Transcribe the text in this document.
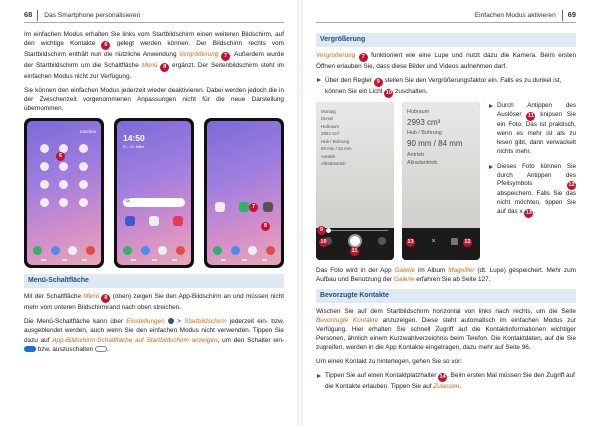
68	Das Smartphone personalisieren

Im einfachen Modus erhalten Sie links vom Startbildschirm einen weiteren Bildschirm, auf den wichtige Kontakte 6 gelegt werden können. Der Bildschirm rechts vom Startbildschirm enthält nun die nützliche Anwendung Vergrößerung 7 . Außerdem wurde der Startbildschirm um die Schaltfläche Menü 8 ergänzt. Der Seitenbildschirm steht im einfachen Modus nicht zur Verfügung.

Sie können den einfachen Modus jederzeit wieder deaktivieren. Dabei werden jedoch die in der Zwischenzeit vorgenommenen Anpassungen nicht für die neue Darstellung übernommen.

Löschen
6
14:50
Fr., 24. März
G
7
8
Menü-Schaltfläche

Mit der Schaltfläche Menü 8 (oben) zeigen Sie den App-Bildschirm an und müssen nicht mehr vom unteren Bildschirmrand nach oben streichen.

Die Menü-Schaltfläche kann über Einstellungen  > Startbildschirm jederzeit ein- bzw. ausgeblendet werden, auch wenn Sie den einfachen Modus nicht verwenden. Tippen Sie dazu auf App-Bildschirm-Schaltfläche auf Startbildschirm anzeigen, um den Schalter ein- bzw. auszuschalten .

Einfachen Modus aktivieren	69
Vergrößerung

Vergrößerung 7 funktioniert wie eine Lupe und nutzt dazu die Kamera. Beim ersten Öffnen erlauben Sie, dass diese Bilder und Videos aufnehmen darf.

Über den Regler 9 stellen Sie den Vergrößerungsfaktor ein. Falls es zu dunkel ist, können Sie ein Licht 10 zuschalten.
Montag
Diesel
Hubraum
2993 cm³
Hub / Bohrung
90 mm / 84 mm
Antrieb
Allradantrieb
9
10
11
Hubraum
2993 cm³
Hub / Bohrung
90 mm / 84 mm
Antrieb
Allradantrieb
×
13	12
Durch Antippen des Auslöser 11 knipsen Sie ein Foto. Das ist praktisch, wenn es mehr ist als zu lesen gibt, dann verwackelt nichts mehr.
Dieses Foto können Sie durch Antippen des Pfeilsymbols 12 abspeichern. Falls Sie das nicht möchten, tippen Sie auf das x 13.

Das Foto wird in der App Galerie im Album Magnifier (dt. Lupe) gespeichert. Mehr zum Aufbau und Benutzung der Galerie erfahren Sie ab Seite 127.

Bevorzugte Kontakte

Wischen Sie auf dem Startbildschirm horizontal von links nach rechts, um die Seite Bevorzugte Kontakte anzuzeigen. Diese steht automatisch im einfachen Modus zur Verfügung. Hier erhalten Sie schnell Zugriff auf die Kontaktinformationen wichtiger Personen, ähnlich einem Kurzwahlverzeichnis beim Telefon. Die Kontaktdaten, auf die Sie zugreifen, werden in die App Kontakte eingetragen, dazu mehr auf Seite 96.

Um einen Kontakt zu hinterlegen, gehen Sie so vor:

Tippen Sie auf einen Kontaktplatzhalter 14. Beim ersten Mal müssen Sie den Zugriff auf die Kontakte erlauben. Tippen Sie auf Zulassen.
